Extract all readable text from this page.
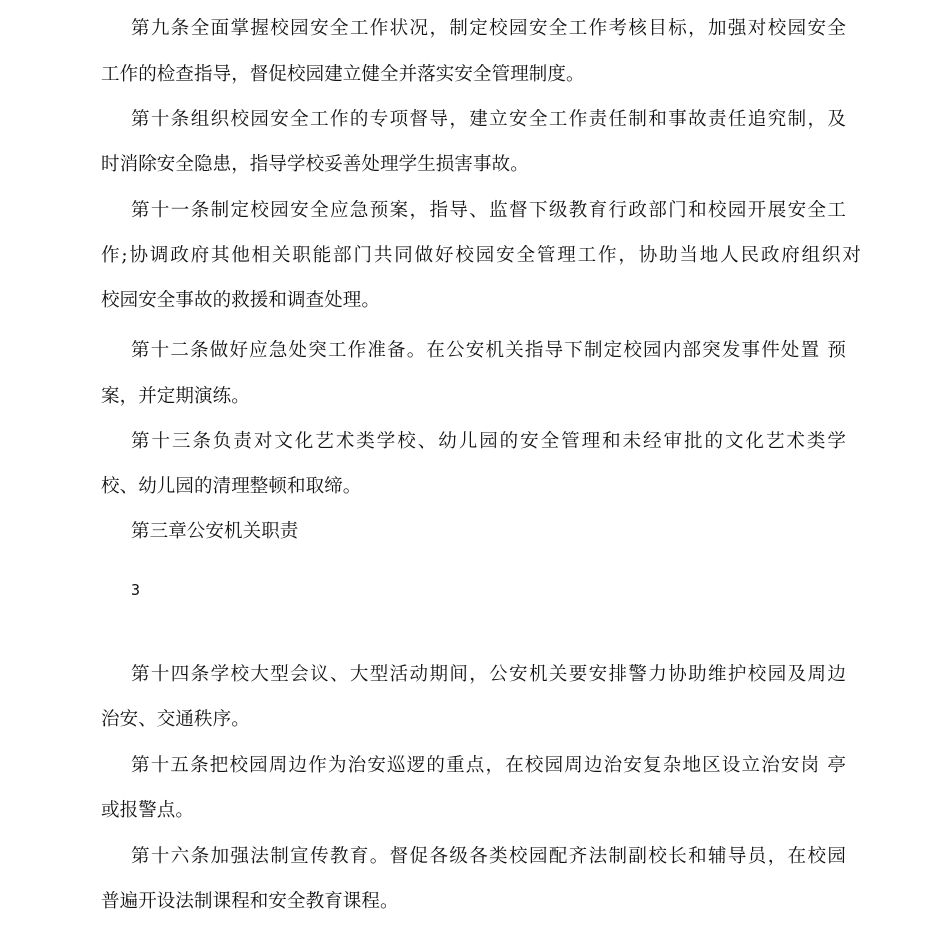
第九条全面掌握校园安全工作状况，制定校园安全工作考核目标，加强对校园安全
工作的检查指导，督促校园建立健全并落实安全管理制度。
第十条组织校园安全工作的专项督导，建立安全工作责任制和事故责任追究制，及
时消除安全隐患，指导学校妥善处理学生损害事故。
第十一条制定校园安全应急预案，指导、监督下级教育行政部门和校园开展安全工
作;协调政府其他相关职能部门共同做好校园安全管理工作，协助当地人民政府组织对
校园安全事故的救援和调查处理。
第十二条做好应急处突工作准备。在公安机关指导下制定校园内部突发事件处置 预
案，并定期演练。
第十三条负责对文化艺术类学校、幼儿园的安全管理和未经审批的文化艺术类学
校、幼儿园的清理整顿和取缔。
第三章公安机关职责
3
第十四条学校大型会议、大型活动期间，公安机关要安排警力协助维护校园及周边
治安、交通秩序。
第十五条把校园周边作为治安巡逻的重点，在校园周边治安复杂地区设立治安岗 亭
或报警点。
第十六条加强法制宣传教育。督促各级各类校园配齐法制副校长和辅导员，在校园
普遍开设法制课程和安全教育课程。
